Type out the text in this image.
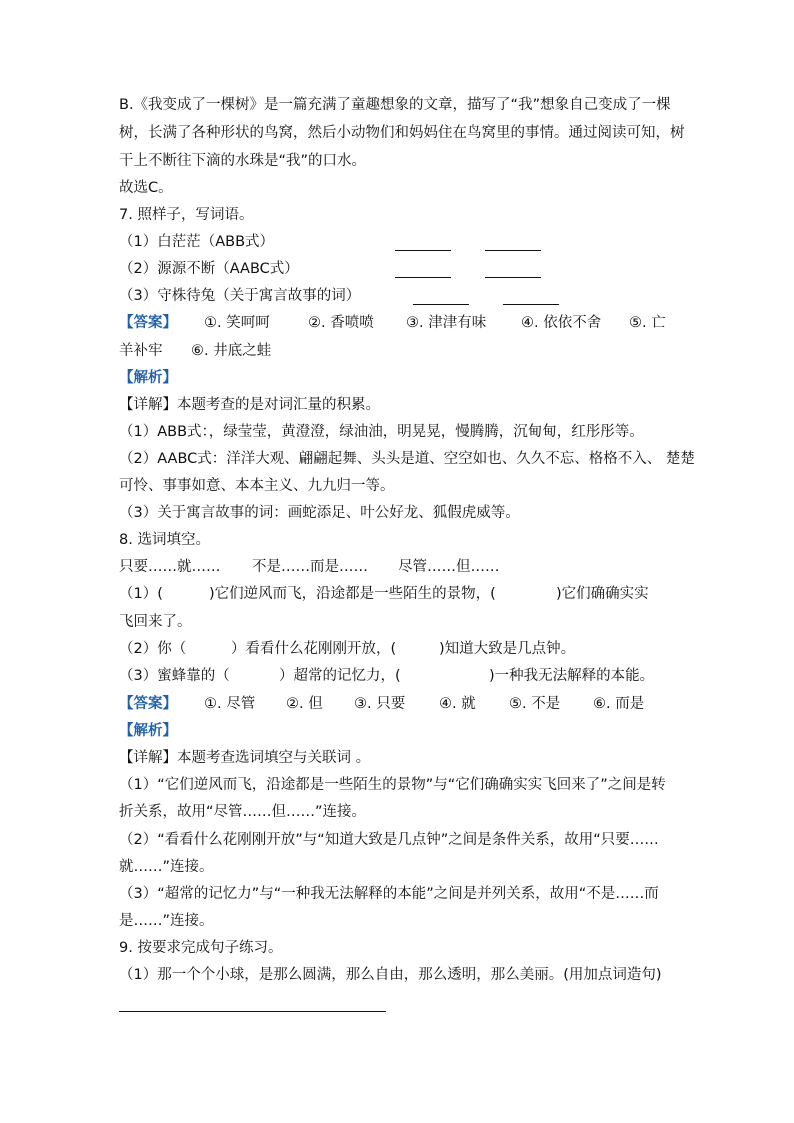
B.《我变成了一棵树》是一篇充满了童趣想象的文章，描写了“我”想象自己变成了一棵
树，长满了各种形状的鸟窝，然后小动物们和妈妈住在鸟窝里的事情。通过阅读可知，树
干上不断往下滴的水珠是“我”的口水。
故选C。
7. 照样子，写词语。
（1）白茫茫（ABB式）
（2）源源不断（AABC式）
（3）守株待兔（关于寓言故事的词）
【答案】 ①. 笑呵呵	②. 香喷喷 ③. 津津有味 ④. 依依不舍 ⑤. 亡
羊补牢 ⑥. 井底之蛙
【解析】
【详解】本题考查的是对词汇量的积累。
（1）ABB式：，绿莹莹，黄澄澄，绿油油，明晃晃，慢腾腾，沉甸甸，红彤彤等。
（2）AABC式：洋洋大观、翩翩起舞、头头是道、空空如也、久久不忘、格格不入、 楚楚
可怜、事事如意、本本主义、九九归一等。
（3）关于寓言故事的词：画蛇添足、叶公好龙、狐假虎威等。
8. 选词填空。
只要……就…… 不是……而是…… 尽管……但……
（1）(	)它们逆风而飞，沿途都是一些陌生的景物，(	)它们确确实实
飞回来了。
（2）你（	）看看什么花刚刚开放，(	)知道大致是几点钟。
（3）蜜蜂靠的（	）超常的记忆力，(	)一种我无法解释的本能。
【答案】 ①. 尽管 ②. 但 ③. 只要 ④. 就 ⑤. 不是 ⑥. 而是
【解析】
【详解】本题考查选词填空与关联词 。
（1）“它们逆风而飞，沿途都是一些陌生的景物”与“它们确确实实飞回来了”之间是转
折关系，故用“尽管……但……”连接。
（2）“看看什么花刚刚开放”与“知道大致是几点钟”之间是条件关系，故用“只要……
就……”连接。
（3）“超常的记忆力”与“一种我无法解释的本能”之间是并列关系，故用“不是……而
是……”连接。
9. 按要求完成句子练习。
（1）那一个个小球，是那么圆满，那么自由，那么透明，那么美丽。(用加点词造句)
